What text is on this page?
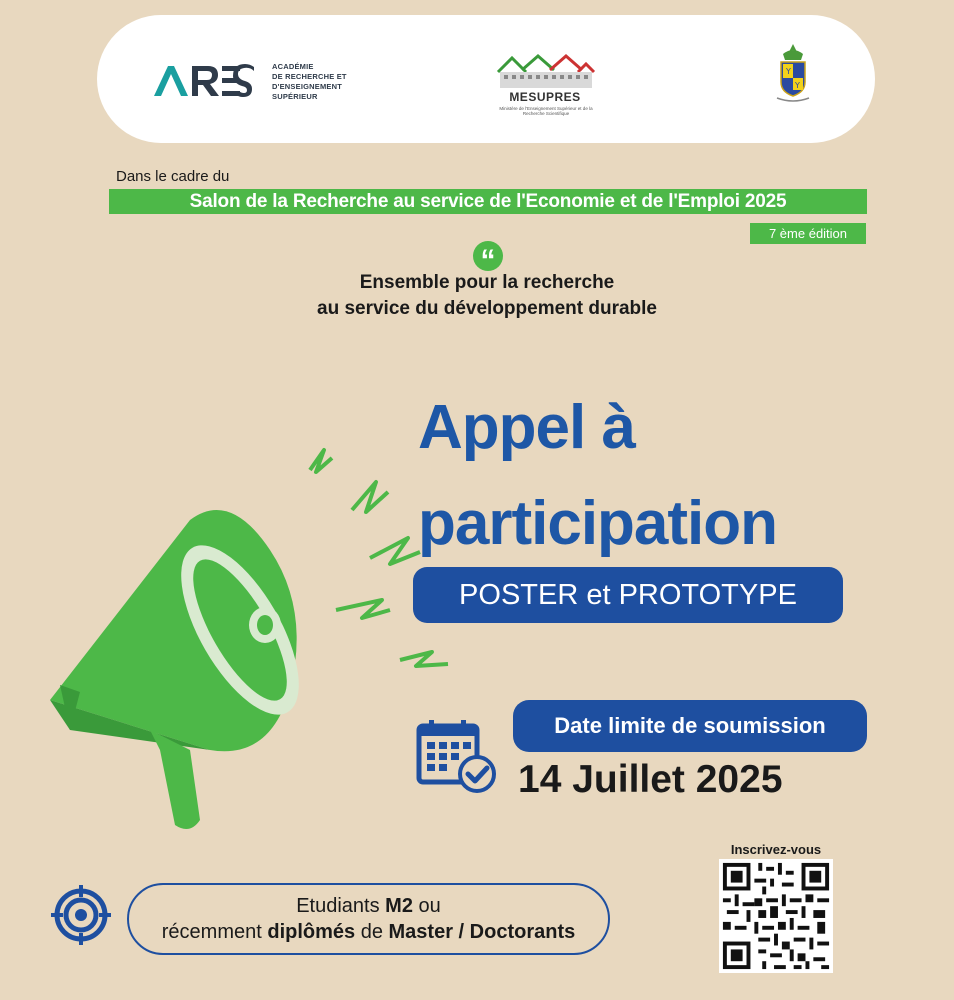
ACADÉMIE
DE RECHERCHE ET
D'ENSEIGNEMENT
SUPÉRIEUR	MESUPRES
Ministère de l'Enseignement Supérieur et de la Recherche Scientifique
Y
Y
Dans le cadre du
Salon de la Recherche au service de l'Economie et de l'Emploi 2025
7 ème édition
“
Ensemble pour la recherche
au service du développement durable
Appel à
participation
POSTER et PROTOTYPE
Date limite de soumission
14 Juillet 2025
Inscrivez-vous
Etudiants M2 ou
récemment diplômés de Master / Doctorants
